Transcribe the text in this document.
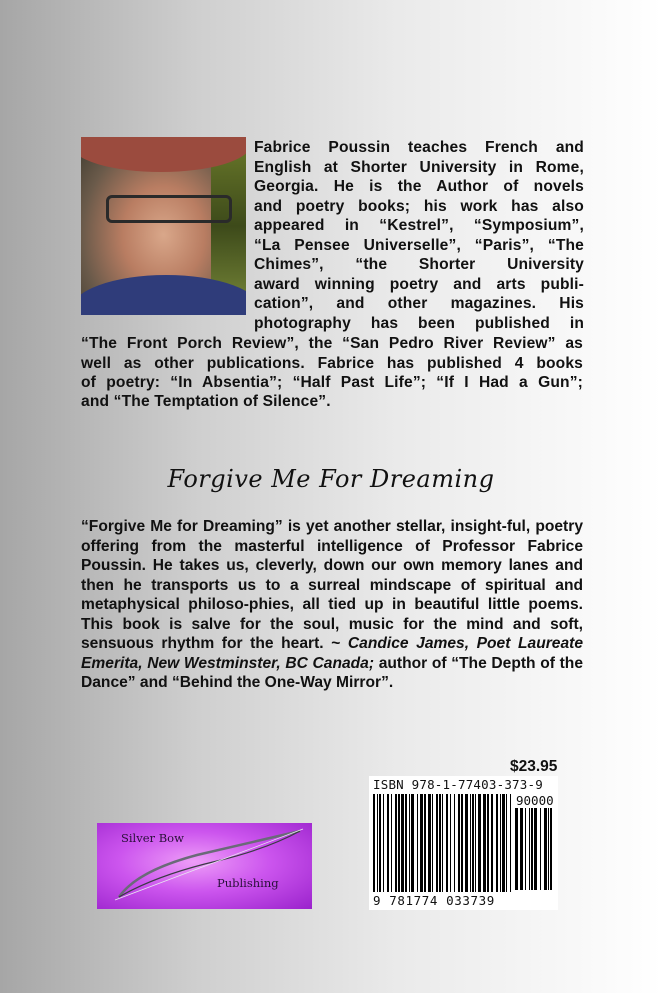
Fabrice Poussin teaches French and
English at Shorter University in Rome,
Georgia. He is the Author of novels
and poetry books; his work has also
appeared in “Kestrel”, “Symposium”,
“La Pensee Universelle”, “Paris”, “The
Chimes”, “the Shorter University
award winning poetry and arts publi-
cation”, and other magazines. His
photography has been published in
“The Front Porch Review”, the “San Pedro River Review” as
well as other publications. Fabrice has published 4 books
of poetry: “In Absentia”; “Half Past Life”; “If I Had a Gun”;
and “The Temptation of Silence”.
Forgive Me For Dreaming

“Forgive Me for Dreaming” is yet another stellar, insight-ful, poetry offering from the masterful intelligence of Professor Fabrice Poussin. He takes us, cleverly, down our own memory lanes and then he transports us to a surreal mindscape of spiritual and metaphysical philoso-phies, all tied up in beautiful little poems. This book is salve for the soul, music for the mind and soft, sensuous rhythm for the heart. ~ Candice James, Poet Laureate Emerita, New Westminster, BC Canada; author of “The Depth of the Dance” and “Behind the One-Way Mirror”.

$23.95
ISBN 978-1-77403-373-9
90000
9 781774 033739
Silver Bow
Publishing
